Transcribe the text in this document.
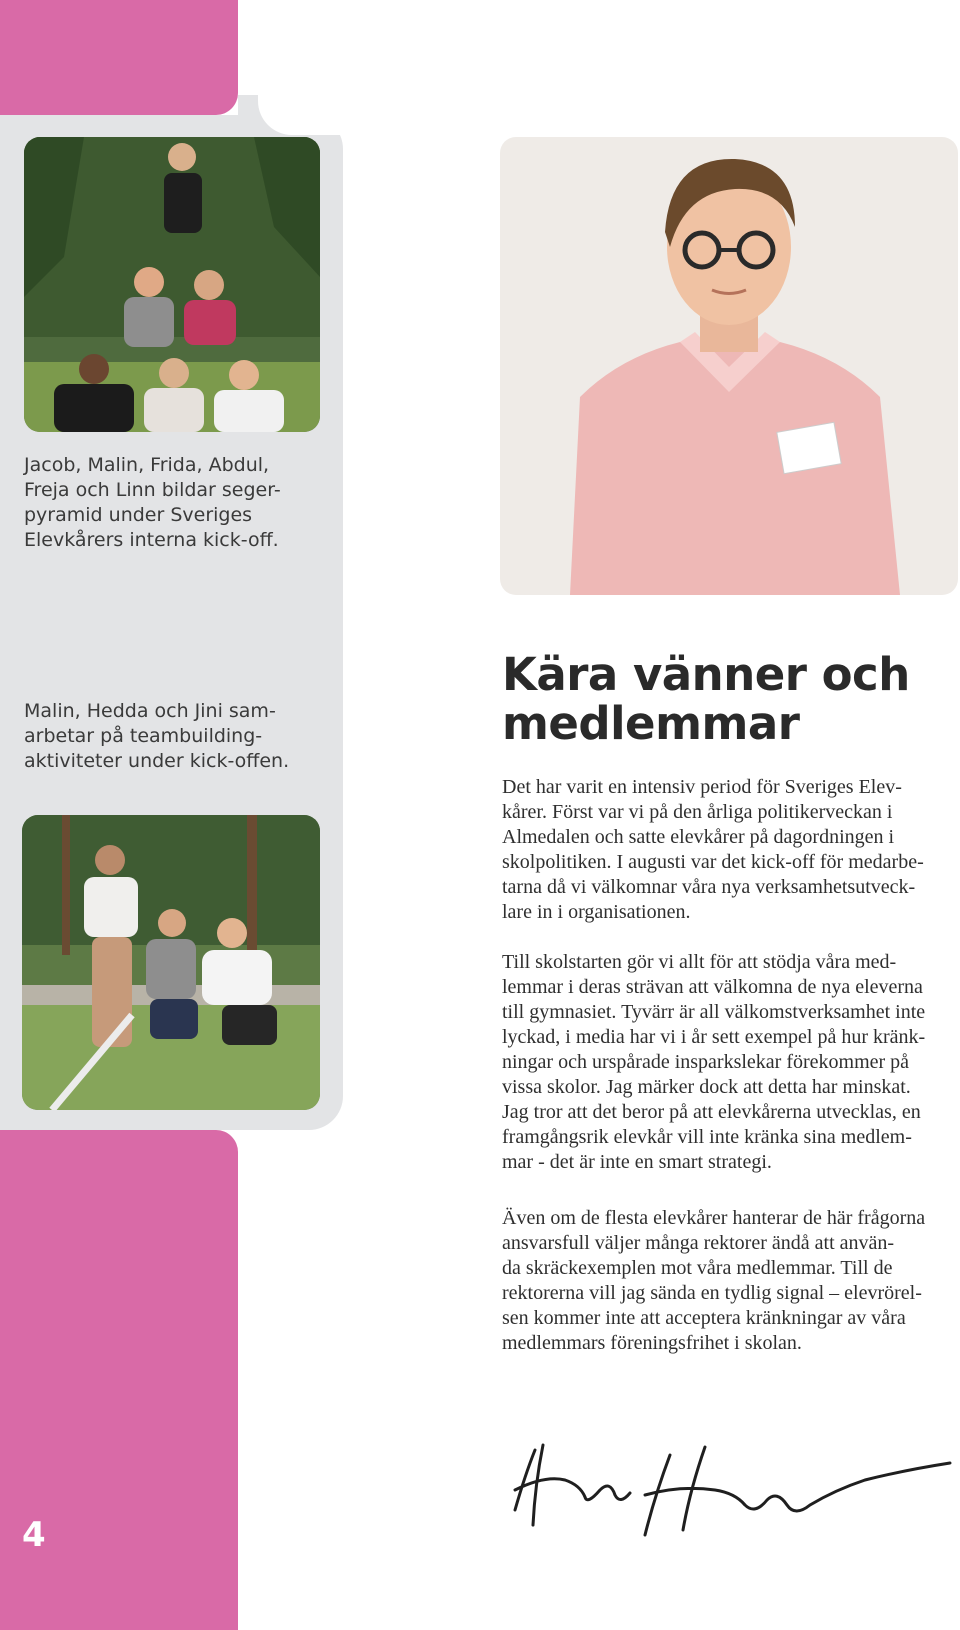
Jacob, Malin, Frida, Abdul,
Freja och Linn bildar seger-
pyramid under Sveriges
Elevkårers interna kick-off.
Malin, Hedda och Jini sam-
arbetar på teambuilding-
aktiviteter under kick-offen.
Kära vänner och
medlemmar
Det har varit en intensiv period för Sveriges Elev-
kårer. Först var vi på den årliga politikerveckan i
Almedalen och satte elevkårer på dagordningen i
skolpolitiken. I augusti var det kick-off för medarbe-
tarna då vi välkomnar våra nya verksamhetsutveck-
lare in i organisationen.
Till skolstarten gör vi allt för att stödja våra med-
lemmar i deras strävan att välkomna de nya eleverna
till gymnasiet. Tyvärr är all välkomstverksamhet inte
lyckad, i media har vi i år sett exempel på hur kränk-
ningar och urspårade insparkslekar förekommer på
vissa skolor. Jag märker dock att detta har minskat.
Jag tror att det beror på att elevkårerna utvecklas, en
framgångsrik elevkår vill inte kränka sina medlem-
mar - det är inte en smart strategi.
Även om de flesta elevkårer hanterar de här frågorna
ansvarsfull väljer många rektorer ändå att använ-
da skräckexemplen mot våra medlemmar. Till de
rektorerna vill jag sända en tydlig signal – elevrörel-
sen kommer inte att acceptera kränkningar av våra
medlemmars föreningsfrihet i skolan.
4
